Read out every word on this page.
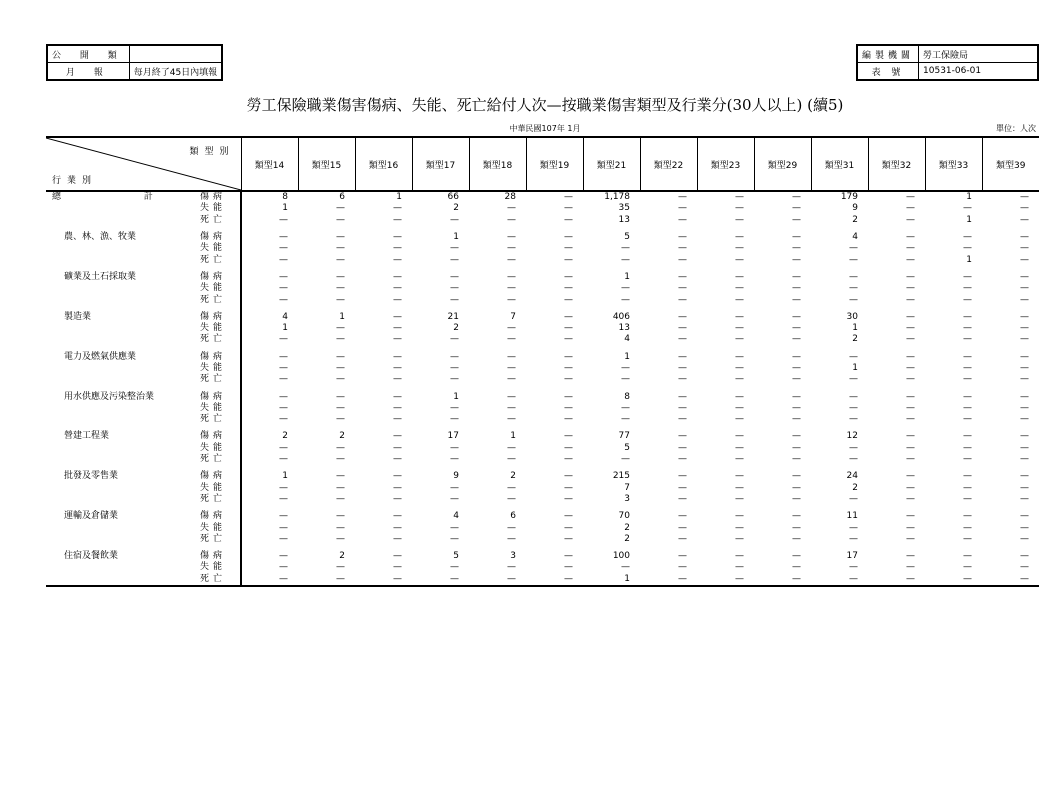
公 開 類	
月 報	每月終了45日內填報
編製機關	勞工保險局
表 號	10531-06-01
勞工保險職業傷害傷病、失能、死亡給付人次—按職業傷害類型及行業分(30人以上) (續5)
中華民國107年 1月	單位：人次
類型別
行業別		類型14	類型15	類型16	類型17	類型18	類型19	類型21	類型22	類型23	類型29	類型31	類型32	類型33	類型39
總 計	傷病	8	6	1	66	28	—	1,178	—	—	—	179	—	1	—
	失能	1	—	—	2	—	—	35	—	—	—	9	—	—	—
	死亡	—	—	—	—	—	—	13	—	—	—	2	—	1	—

農、林、漁、牧業	傷病	—	—	—	1	—	—	5	—	—	—	4	—	—	—
	失能	—	—	—	—	—	—	—	—	—	—	—	—	—	—
	死亡	—	—	—	—	—	—	—	—	—	—	—	—	1	—

礦業及土石採取業	傷病	—	—	—	—	—	—	1	—	—	—	—	—	—	—
	失能	—	—	—	—	—	—	—	—	—	—	—	—	—	—
	死亡	—	—	—	—	—	—	—	—	—	—	—	—	—	—

製造業	傷病	4	1	—	21	7	—	406	—	—	—	30	—	—	—
	失能	1	—	—	2	—	—	13	—	—	—	1	—	—	—
	死亡	—	—	—	—	—	—	4	—	—	—	2	—	—	—

電力及燃氣供應業	傷病	—	—	—	—	—	—	1	—	—	—	—	—	—	—
	失能	—	—	—	—	—	—	—	—	—	—	1	—	—	—
	死亡	—	—	—	—	—	—	—	—	—	—	—	—	—	—

用水供應及污染整治業	傷病	—	—	—	1	—	—	8	—	—	—	—	—	—	—
	失能	—	—	—	—	—	—	—	—	—	—	—	—	—	—
	死亡	—	—	—	—	—	—	—	—	—	—	—	—	—	—

營建工程業	傷病	2	2	—	17	1	—	77	—	—	—	12	—	—	—
	失能	—	—	—	—	—	—	5	—	—	—	—	—	—	—
	死亡	—	—	—	—	—	—	—	—	—	—	—	—	—	—

批發及零售業	傷病	1	—	—	9	2	—	215	—	—	—	24	—	—	—
	失能	—	—	—	—	—	—	7	—	—	—	2	—	—	—
	死亡	—	—	—	—	—	—	3	—	—	—	—	—	—	—

運輸及倉儲業	傷病	—	—	—	4	6	—	70	—	—	—	11	—	—	—
	失能	—	—	—	—	—	—	2	—	—	—	—	—	—	—
	死亡	—	—	—	—	—	—	2	—	—	—	—	—	—	—

住宿及餐飲業	傷病	—	2	—	5	3	—	100	—	—	—	17	—	—	—
	失能	—	—	—	—	—	—	—	—	—	—	—	—	—	—
	死亡	—	—	—	—	—	—	1	—	—	—	—	—	—	—
